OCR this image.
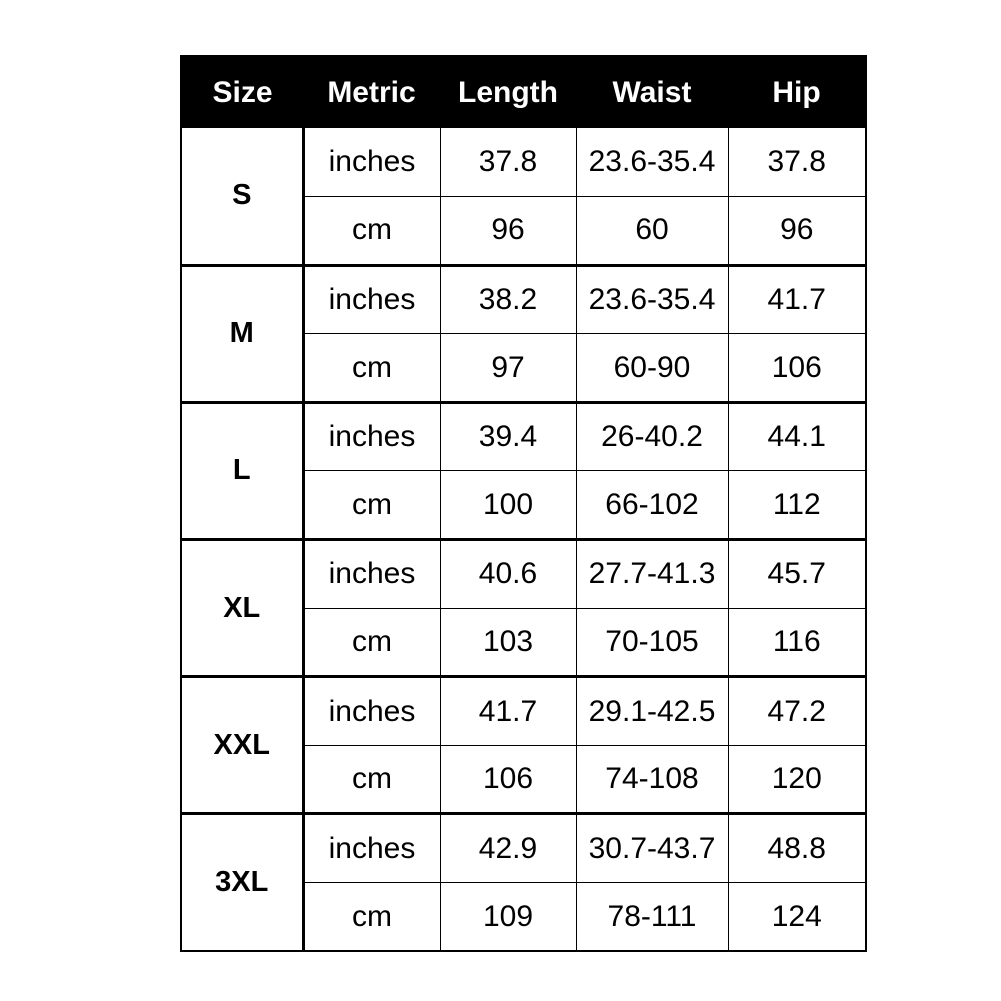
Size	Metric	Length	Waist	Hip
S	inches	37.8	23.6-35.4	37.8
	cm	96	60	96
M	inches	38.2	23.6-35.4	41.7
	cm	97	60-90	106
L	inches	39.4	26-40.2	44.1
	cm	100	66-102	112
XL	inches	40.6	27.7-41.3	45.7
	cm	103	70-105	116
XXL	inches	41.7	29.1-42.5	47.2
	cm	106	74-108	120
3XL	inches	42.9	30.7-43.7	48.8
	cm	109	78-111	124
